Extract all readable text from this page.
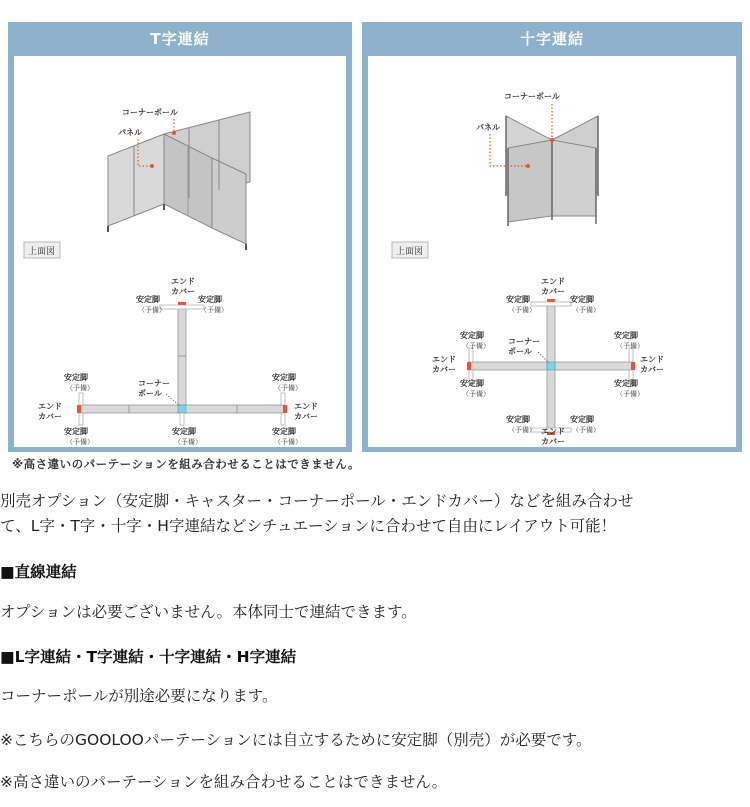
T字連結
コーナーポール
パネル
上面図
エンド
カバー
安定脚
（予備）
安定脚
（予備）
安定脚
（予備）
安定脚
（予備）
コーナー
ポール
エンド
カバー
エンド
カバー
安定脚
（予備）
安定脚
（予備）
安定脚
（予備）
十字連結
コーナーポール
パネル
上面図
エンド
カバー
安定脚
（予備）
安定脚
（予備）
安定脚
（予備）
安定脚
（予備）
コーナー
ポール
エンド
カバー
エンド
カバー
安定脚
（予備）
安定脚
（予備）
安定脚
（予備）
安定脚
（予備）
エンド
カバー
※高さ違いのパーテーションを組み合わせることはできません。
別売オプション（安定脚・キャスター・コーナーポール・エンドカバー）などを組み合わせ
て、L字・T字・十字・H字連結などシチュエーションに合わせて自由にレイアウト可能！
■直線連結
オプションは必要ございません。本体同士で連結できます。
■L字連結・T字連結・十字連結・H字連結
コーナーポールが別途必要になります。
※こちらのGOOLOOパーテーションには自立するために安定脚（別売）が必要です。
※高さ違いのパーテーションを組み合わせることはできません。
